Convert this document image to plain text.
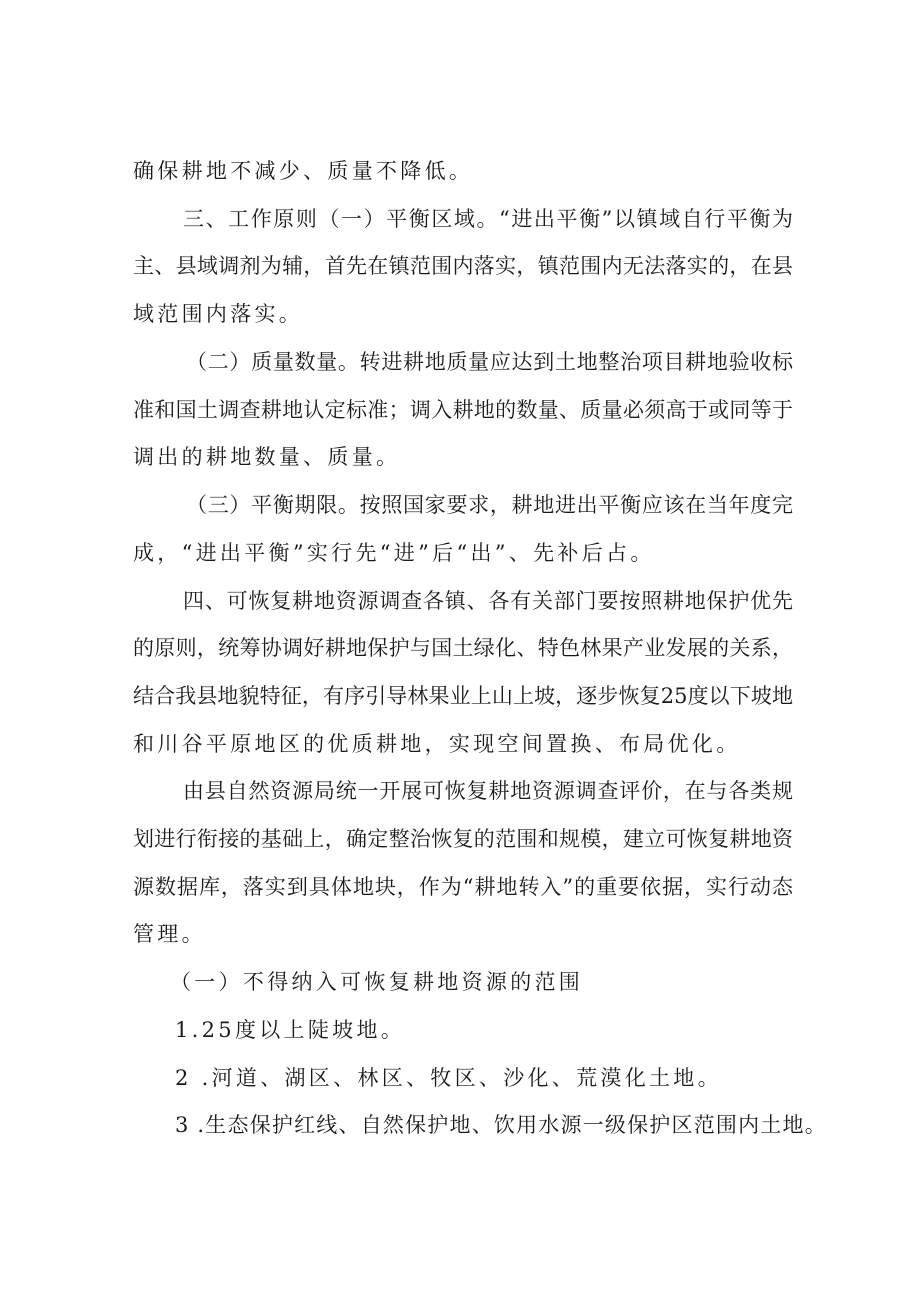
确保耕地不减少、质量不降低。
三、工作原则（一）平衡区域。“进出平衡”以镇域自行平衡为
主、县域调剂为辅，首先在镇范围内落实，镇范围内无法落实的，在县
域范围内落实。
（二）质量数量。转进耕地质量应达到土地整治项目耕地验收标
准和国土调查耕地认定标准；调入耕地的数量、质量必须高于或同等于
调出的耕地数量、质量。
（三）平衡期限。按照国家要求，耕地进出平衡应该在当年度完
成，“进出平衡”实行先“进”后“出”、先补后占。
四、可恢复耕地资源调查各镇、各有关部门要按照耕地保护优先
的原则，统筹协调好耕地保护与国土绿化、特色林果产业发展的关系，
结合我县地貌特征，有序引导林果业上山上坡，逐步恢复25度以下坡地
和川谷平原地区的优质耕地，实现空间置换、布局优化。
由县自然资源局统一开展可恢复耕地资源调查评价，在与各类规
划进行衔接的基础上，确定整治恢复的范围和规模，建立可恢复耕地资
源数据库，落实到具体地块，作为“耕地转入”的重要依据，实行动态
管理。
（一）不得纳入可恢复耕地资源的范围
1.25度以上陡坡地。
2 .河道、湖区、林区、牧区、沙化、荒漠化土地。
3 .生态保护红线、自然保护地、饮用水源一级保护区范围内土地。
